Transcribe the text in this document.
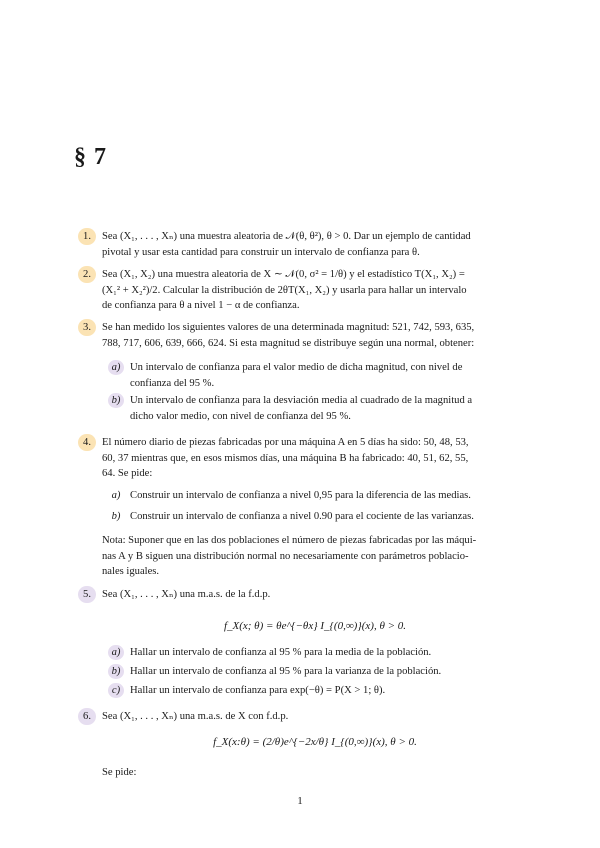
§ 7
1.	Sea (X₁, . . . , Xₙ) una muestra aleatoria de 𝒩(θ, θ²), θ > 0. Dar un ejemplo de cantidad
pivotal y usar esta cantidad para construir un intervalo de confianza para θ.
2.	Sea (X₁, X₂) una muestra aleatoria de X ∼ 𝒩(0, σ² = 1/θ) y el estadístico T(X₁, X₂) =
(X₁² + X₂²)/2. Calcular la distribución de 2θT(X₁, X₂) y usarla para hallar un intervalo
de confianza para θ a nivel 1 − α de confianza.
3.	Se han medido los siguientes valores de una determinada magnitud: 521, 742, 593, 635,
788, 717, 606, 639, 666, 624. Si esta magnitud se distribuye según una normal, obtener:
a) Un intervalo de confianza para el valor medio de dicha magnitud, con nivel de
confianza del 95 %.
b) Un intervalo de confianza para la desviación media al cuadrado de la magnitud a
dicho valor medio, con nivel de confianza del 95 %.
4.	El número diario de piezas fabricadas por una máquina A en 5 días ha sido: 50, 48, 53,
60, 37 mientras que, en esos mismos días, una máquina B ha fabricado: 40, 51, 62, 55,
64. Se pide:
a) Construir un intervalo de confianza a nivel 0,95 para la diferencia de las medias.
b) Construir un intervalo de confianza a nivel 0.90 para el cociente de las varianzas.
Nota: Suponer que en las dos poblaciones el número de piezas fabricadas por las máqui-
nas A y B siguen una distribución normal no necesariamente con parámetros poblacio-
nales iguales.
5.	Sea (X₁, . . . , Xₙ) una m.a.s. de la f.d.p.
f_X(x; θ) = θe^{−θx} I_{(0,∞)}(x), θ > 0.
a) Hallar un intervalo de confianza al 95 % para la media de la población.
b) Hallar un intervalo de confianza al 95 % para la varianza de la población.
c) Hallar un intervalo de confianza para exp(−θ) = P(X > 1; θ).
6.	Sea (X₁, . . . , Xₙ) una m.a.s. de X con f.d.p.
f_X(x:θ) = (2/θ)e^{−2x/θ} I_{(0,∞)}(x), θ > 0.
Se pide:
1
